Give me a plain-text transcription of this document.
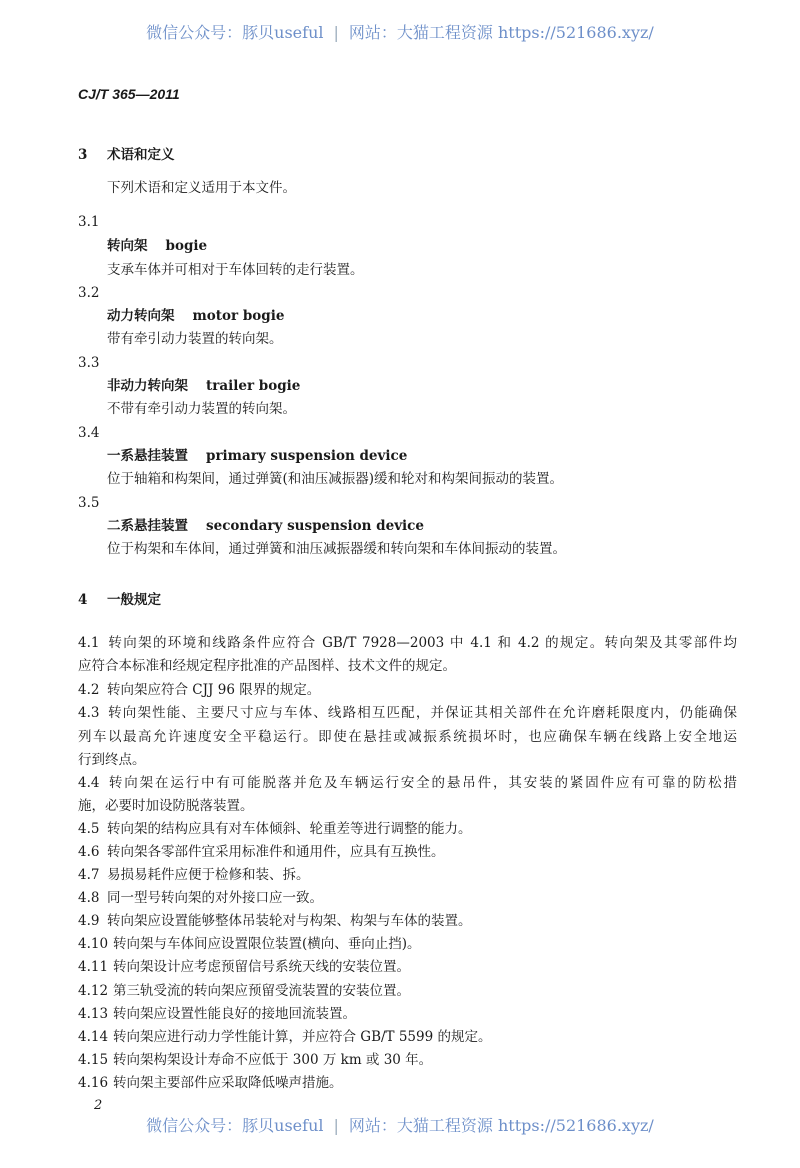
微信公众号：豚贝useful | 网站：大猫工程资源 https://521686.xyz/
CJ/T 365—2011
3 术语和定义
下列术语和定义适用于本文件。
3.1
转向架 bogie
支承车体并可相对于车体回转的走行装置。
3.2
动力转向架 motor bogie
带有牵引动力装置的转向架。
3.3
非动力转向架 trailer bogie
不带有牵引动力装置的转向架。
3.4
一系悬挂装置 primary suspension device
位于轴箱和构架间，通过弹簧(和油压减振器)缓和轮对和构架间振动的装置。
3.5
二系悬挂装置 secondary suspension device
位于构架和车体间，通过弹簧和油压减振器缓和转向架和车体间振动的装置。
4 一般规定
4.1 转向架的环境和线路条件应符合 GB/T 7928—2003 中 4.1 和 4.2 的规定。转向架及其零部件均
应符合本标准和经规定程序批准的产品图样、技术文件的规定。
4.2 转向架应符合 CJJ 96 限界的规定。
4.3 转向架性能、主要尺寸应与车体、线路相互匹配，并保证其相关部件在允许磨耗限度内，仍能确保
列车以最高允许速度安全平稳运行。即使在悬挂或减振系统损坏时，也应确保车辆在线路上安全地运
行到终点。
4.4 转向架在运行中有可能脱落并危及车辆运行安全的悬吊件，其安装的紧固件应有可靠的防松措
施，必要时加设防脱落装置。
4.5 转向架的结构应具有对车体倾斜、轮重差等进行调整的能力。
4.6 转向架各零部件宜采用标准件和通用件，应具有互换性。
4.7 易损易耗件应便于检修和装、拆。
4.8 同一型号转向架的对外接口应一致。
4.9 转向架应设置能够整体吊装轮对与构架、构架与车体的装置。
4.10 转向架与车体间应设置限位装置(横向、垂向止挡)。
4.11 转向架设计应考虑预留信号系统天线的安装位置。
4.12 第三轨受流的转向架应预留受流装置的安装位置。
4.13 转向架应设置性能良好的接地回流装置。
4.14 转向架应进行动力学性能计算，并应符合 GB/T 5599 的规定。
4.15 转向架构架设计寿命不应低于 300 万 km 或 30 年。
4.16 转向架主要部件应采取降低噪声措施。
2
微信公众号：豚贝useful | 网站：大猫工程资源 https://521686.xyz/
